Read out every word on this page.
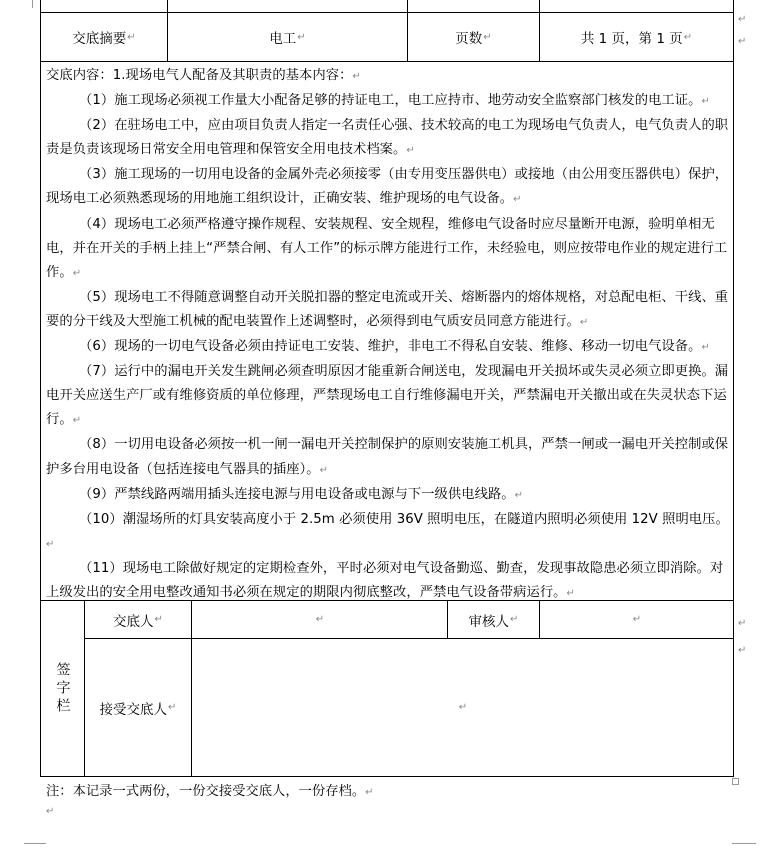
交底摘要 ↵	电工 ↵	页数 ↵	共 1 页，第 1 页 ↵

交底内容：1.现场电气人配备及其职责的基本内容：↵

（1）施工现场必须视工作量大小配备足够的持证电工，电工应持市、地劳动安全监察部门核发的电工证。↵

（2）在驻场电工中，应由项目负责人指定一名责任心强、技术较高的电工为现场电气负责人，电气负责人的职责是负责该现场日常安全用电管理和保管安全用电技术档案。↵

（3）施工现场的一切用电设备的金属外壳必须接零（由专用变压器供电）或接地（由公用变压器供电）保护，现场电工必须熟悉现场的用地施工组织设计，正确安装、维护现场的电气设备。↵

（4）现场电工必须严格遵守操作规程、安装规程、安全规程，维修电气设备时应尽量断开电源，验明单相无电，并在开关的手柄上挂上“严禁合闸、有人工作”的标示牌方能进行工作，未经验电，则应按带电作业的规定进行工作。↵

（5）现场电工不得随意调整自动开关脱扣器的整定电流或开关、熔断器内的熔体规格，对总配电柜、干线、重要的分干线及大型施工机械的配电装置作上述调整时，必须得到电气质安员同意方能进行。↵

（6）现场的一切电气设备必须由持证电工安装、维护，非电工不得私自安装、维修、移动一切电气设备。↵

（7）运行中的漏电开关发生跳闸必须查明原因才能重新合闸送电，发现漏电开关损坏或失灵必须立即更换。漏电开关应送生产厂或有维修资质的单位修理，严禁现场电工自行维修漏电开关，严禁漏电开关撤出或在失灵状态下运行。↵

（8）一切用电设备必须按一机一闸一漏电开关控制保护的原则安装施工机具，严禁一闸或一漏电开关控制或保护多台用电设备（包括连接电气器具的插座）。↵

（9）严禁线路两端用插头连接电源与用电设备或电源与下一级供电线路。↵

（10）潮湿场所的灯具安装高度小于 2.5m 必须使用 36V 照明电压，在隧道内照明必须使用 12V 照明电压。↵

（11）现场电工除做好规定的定期检查外，平时必须对电气设备勤巡、勤查，发现事故隐患必须立即消除。对上级发出的安全用电整改通知书必须在规定的期限内彻底整改，严禁电气设备带病运行。↵

签字栏
交底人 ↵	↵	审核人 ↵	↵
接受交底人 ↵	↵
↵
↵
↵
↵
注：本记录一式两份，一份交接受交底人，一份存档。↵
↵
